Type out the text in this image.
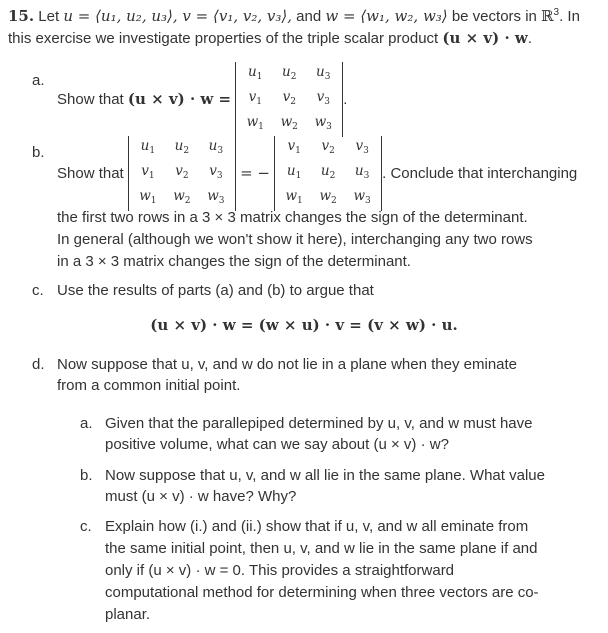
15. Let u = ⟨u₁, u₂, u₃⟩, v = ⟨v₁, v₂, v₃⟩, and w = ⟨w₁, w₂, w₃⟩ be vectors in ℝ$^3$. In
this exercise we investigate properties of the triple scalar product (u × v) · w.
a.
Show that
(u × v) · w =

$u_1$	$u_2$	$u_3$
$v_1$	$v_2$	$v_3$
$w_1$	$w_2$	$w_3$
.
b.
Show that

$u_1$	$u_2$	$u_3$
$v_1$	$v_2$	$v_3$
$w_1$	$w_2$	$w_3$

= −

$v_1$	$v_2$	$v_3$
$u_1$	$u_2$	$u_3$
$w_1$	$w_2$	$w_3$
. Conclude that interchanging
the first two rows in a 3 × 3 matrix changes the sign of the determinant.
In general (although we won't show it here), interchanging any two rows
in a 3 × 3 matrix changes the sign of the determinant.
c. Use the results of parts (a) and (b) to argue that
(u × v) · w = (w × u) · v = (v × w) · u.
d. Now suppose that u, v, and w do not lie in a plane when they eminate
from a common initial point.
a. Given that the parallepiped determined by u, v, and w must have
positive volume, what can we say about (u × v) · w?
b. Now suppose that u, v, and w all lie in the same plane. What value
must (u × v) · w have? Why?
c. Explain how (i.) and (ii.) show that if u, v, and w all eminate from
the same initial point, then u, v, and w lie in the same plane if and
only if (u × v) · w = 0. This provides a straightforward
computational method for determining when three vectors are co-
planar.
